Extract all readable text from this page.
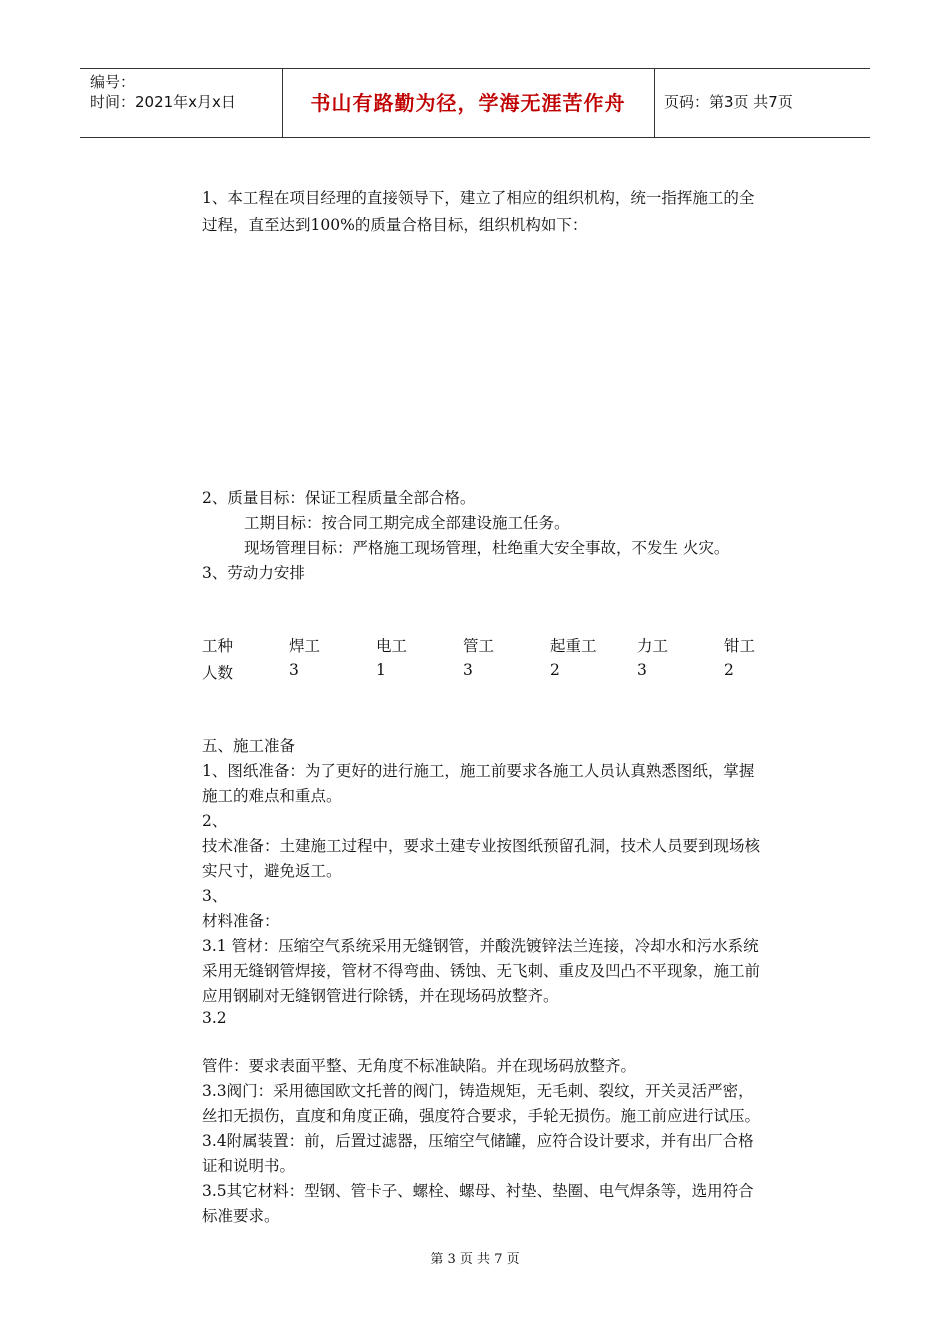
编号：
时间：2021年x月x日	书山有路勤为径，学海无涯苦作舟	页码：第3页 共7页
1、本工程在项目经理的直接领导下，建立了相应的组织机构，统一指挥施工的全
过程，直至达到100%的质量合格目标，组织机构如下：
2、质量目标：保证工程质量全部合格。
工期目标：按合同工期完成全部建设施工任务。
现场管理目标：严格施工现场管理，杜绝重大安全事故，不发生 火灾。
3、劳动力安排
工种	焊工	电工	管工	起重工	力工	钳工
人数	3	1	3	2	3	2
五、施工准备
1、图纸准备：为了更好的进行施工，施工前要求各施工人员认真熟悉图纸，掌握
施工的难点和重点。
2、
技术准备：土建施工过程中，要求土建专业按图纸预留孔洞，技术人员要到现场核
实尺寸，避免返工。
3、
材料准备：
3.1 管材：压缩空气系统采用无缝钢管，并酸洗镀锌法兰连接，冷却水和污水系统
采用无缝钢管焊接，管材不得弯曲、锈蚀、无飞刺、重皮及凹凸不平现象，施工前
应用钢刷对无缝钢管进行除锈，并在现场码放整齐。
3.2
管件：要求表面平整、无角度不标准缺陷。并在现场码放整齐。
3.3阀门：采用德国欧文托普的阀门，铸造规矩，无毛刺、裂纹，开关灵活严密，
丝扣无损伤，直度和角度正确，强度符合要求，手轮无损伤。施工前应进行试压。
3.4附属装置：前，后置过滤器，压缩空气储罐，应符合设计要求，并有出厂合格
证和说明书。
3.5其它材料：型钢、管卡子、螺栓、螺母、衬垫、垫圈、电气焊条等，选用符合
标准要求。
第 3 页 共 7 页
